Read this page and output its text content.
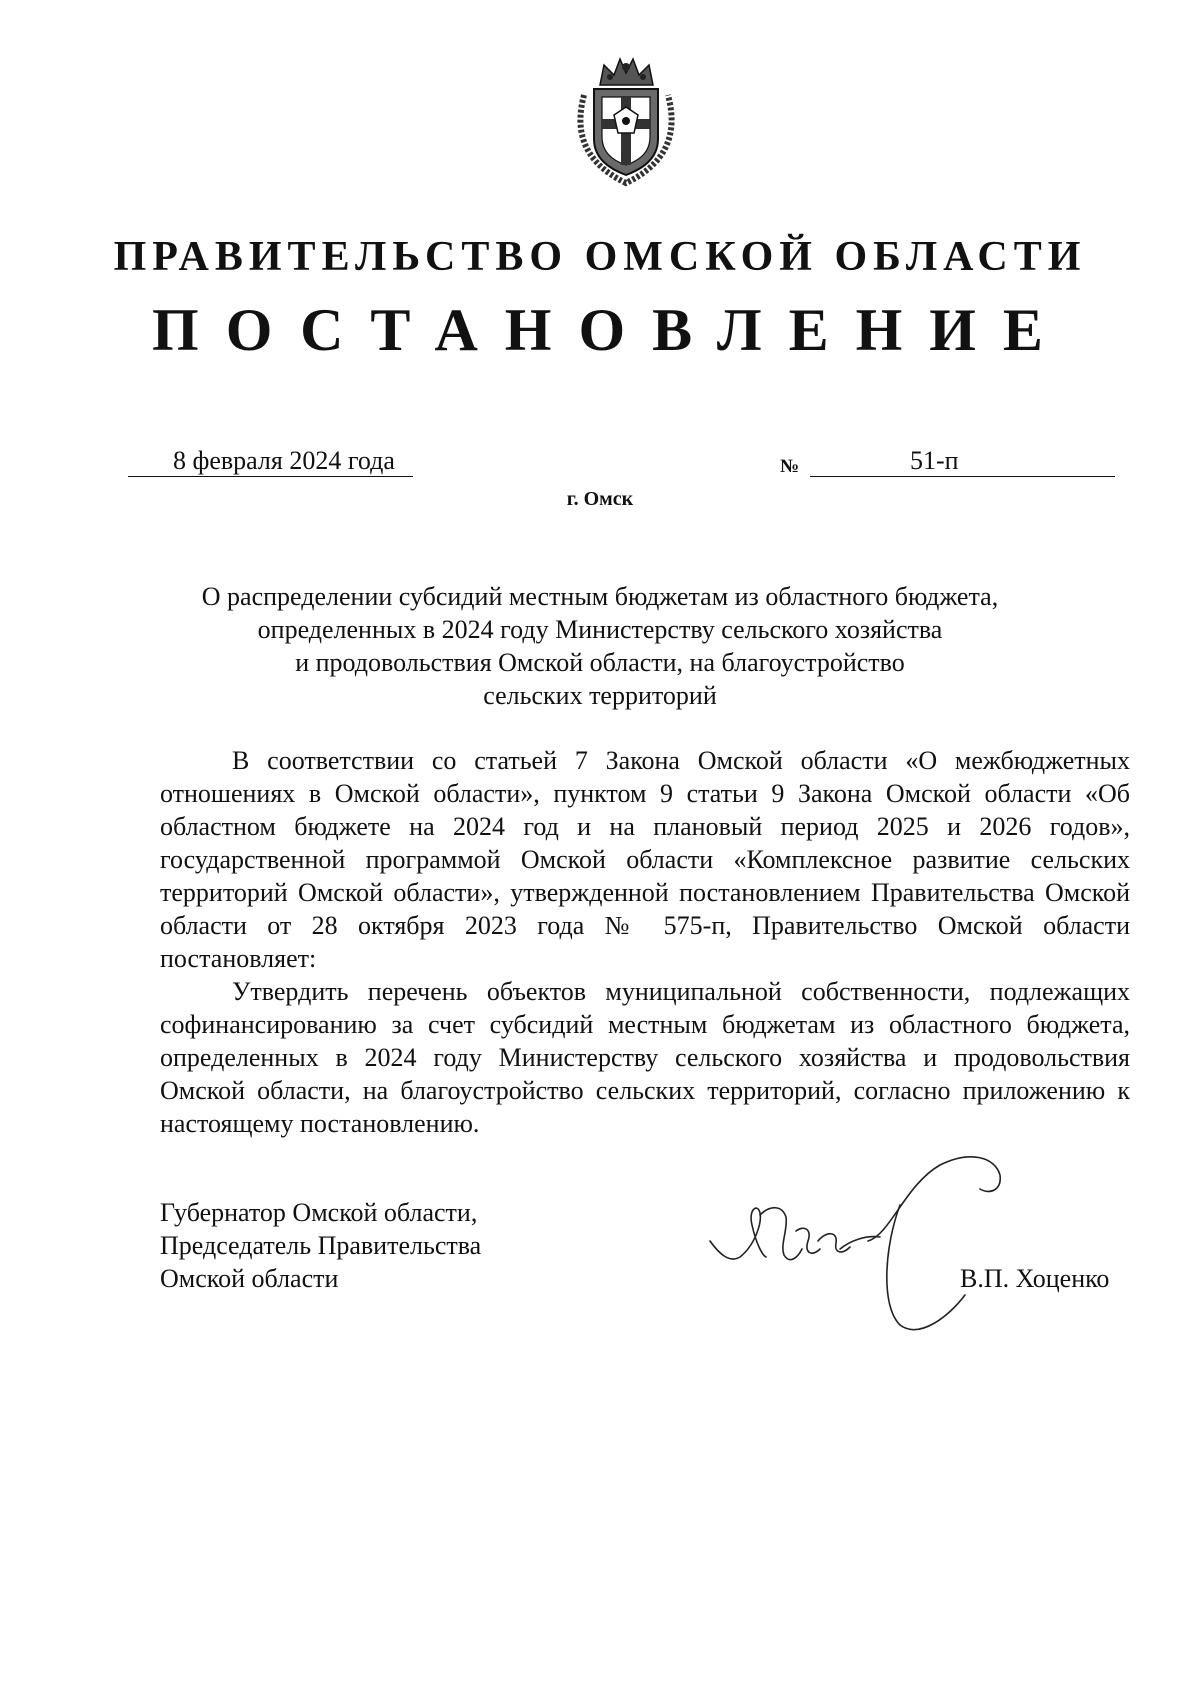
ПРАВИТЕЛЬСТВО ОМСКОЙ ОБЛАСТИ
ПОСТАНОВЛЕНИЕ
8 февраля 2024 года	№	51-п
г. Омск
О распределении субсидий местным бюджетам из областного бюджета,
определенных в 2024 году Министерству сельского хозяйства
и продовольствия Омской области, на благоустройство
сельских территорий

В соответствии со статьей 7 Закона Омской области «О межбюджетных отношениях в Омской области», пунктом 9 статьи 9 Закона Омской области «Об областном бюджете на 2024 год и на плановый период 2025 и 2026 годов», государственной программой Омской области «Комплексное развитие сельских территорий Омской области», утвержденной постановлением Правительства Омской области от 28 октября 2023 года № 575-п, Правительство Омской области постановляет:

Утвердить перечень объектов муниципальной собственности, подлежащих софинансированию за счет субсидий местным бюджетам из областного бюджета, определенных в 2024 году Министерству сельского хозяйства и продовольствия Омской области, на благоустройство сельских территорий, согласно приложению к настоящему постановлению.

Губернатор Омской области,
Председатель Правительства
Омской области	В.П. Хоценко
